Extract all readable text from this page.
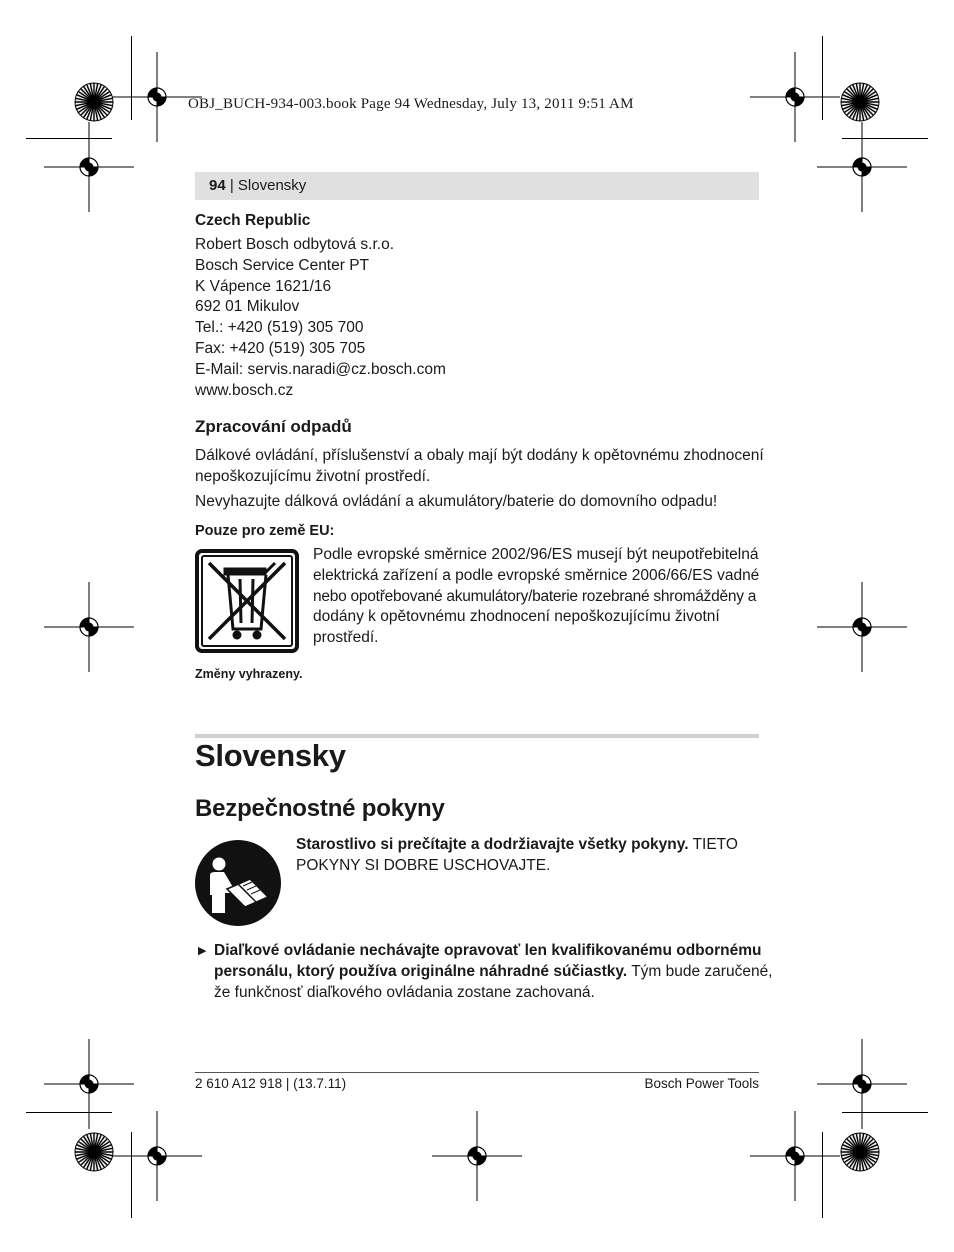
OBJ_BUCH-934-003.book Page 94 Wednesday, July 13, 2011 9:51 AM
94 | Slovensky
Czech Republic
Robert Bosch odbytová s.r.o.
Bosch Service Center PT
K Vápence 1621/16
692 01 Mikulov
Tel.: +420 (519) 305 700
Fax: +420 (519) 305 705
E-Mail: servis.naradi@cz.bosch.com
www.bosch.cz
Zpracování odpadů
Dálkové ovládání, příslušenství a obaly mají být dodány k opětovnému zhodnocení
nepoškozujícímu životní prostředí.
Nevyhazujte dálková ovládání a akumulátory/baterie do domovního odpadu!
Pouze pro země EU:
Podle evropské směrnice 2002/96/ES musejí být neupotřebitelná
elektrická zařízení a podle evropské směrnice 2006/66/ES vadné
nebo opotřebované akumulátory/baterie rozebrané shromážděny a
dodány k opětovnému zhodnocení nepoškozujícímu životní
prostředí.
Změny vyhrazeny.
Slovensky
Bezpečnostné pokyny
Starostlivo si prečítajte a dodržiavajte všetky pokyny. TIETO
POKYNY SI DOBRE USCHOVAJTE.
▶ Diaľkové ovládanie nechávajte opravovať len kvalifikovanému odbornému
personálu, ktorý používa originálne náhradné súčiastky. Tým bude zaručené,
že funkčnosť diaľkového ovládania zostane zachovaná.
2 610 A12 918 | (13.7.11)	Bosch Power Tools
